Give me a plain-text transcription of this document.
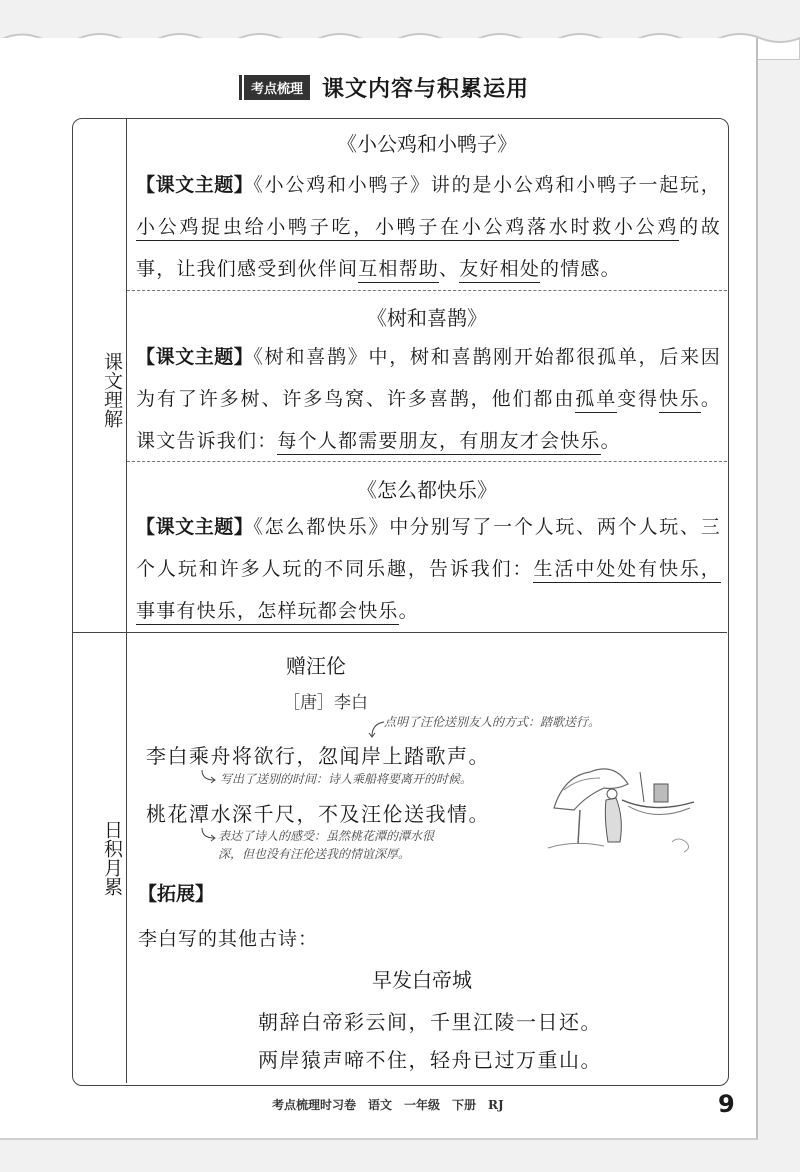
考点梳理 课文内容与积累运用
课文理解
日积月累
《小公鸡和小鸭子》
【课文主题】《小公鸡和小鸭子》讲的是小公鸡和小鸭子一起玩，小公鸡捉虫给小鸭子吃，小鸭子在小公鸡落水时救小公鸡的故事，让我们感受到伙伴间互相帮助、友好相处的情感。
《树和喜鹊》
【课文主题】《树和喜鹊》中，树和喜鹊刚开始都很孤单，后来因为有了许多树、许多鸟窝、许多喜鹊，他们都由孤单变得快乐。课文告诉我们：每个人都需要朋友，有朋友才会快乐。
《怎么都快乐》
【课文主题】《怎么都快乐》中分别写了一个人玩、两个人玩、三个人玩和许多人玩的不同乐趣，告诉我们：生活中处处有快乐，事事有快乐，怎样玩都会快乐。
赠汪伦
［唐］李白
点明了汪伦送别友人的方式：踏歌送行。
李白乘舟将欲行，忽闻岸上踏歌声。
写出了送别的时间：诗人乘船将要离开的时候。
桃花潭水深千尺，不及汪伦送我情。
表达了诗人的感受：虽然桃花潭的潭水很
深，但也没有汪伦送我的情谊深厚。
【拓展】
李白写的其他古诗：
早发白帝城
朝辞白帝彩云间，千里江陵一日还。
两岸猿声啼不住，轻舟已过万重山。
考点梳理时习卷　语文　一年级　下册　RJ	9
